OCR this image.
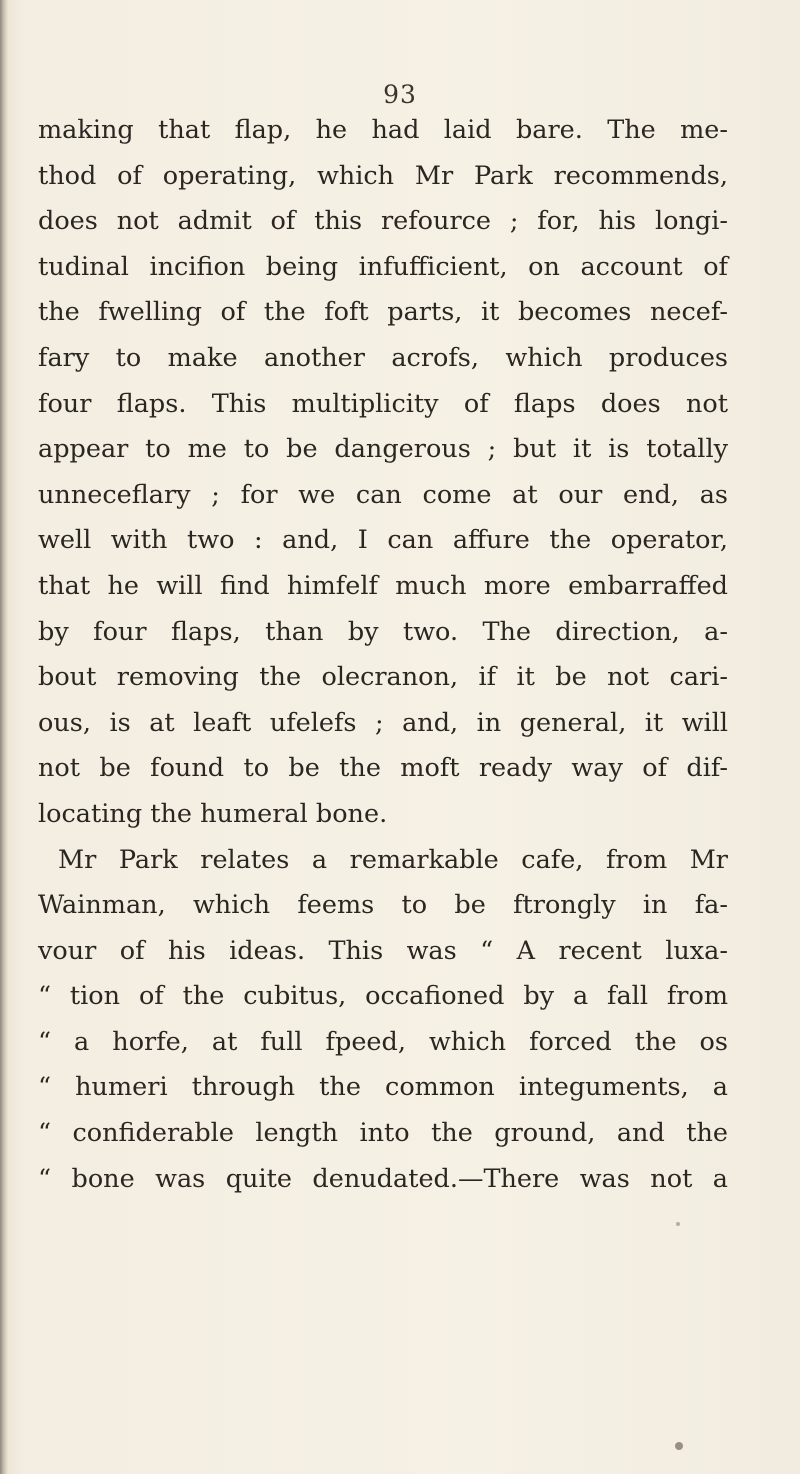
93
making that flap, he had laid bare. The me-
thod of operating, which Mr Park recommends,
does not admit of this refource ; for, his longi-
tudinal incifion being infufficient, on account of
the fwelling of the foft parts, it becomes necef-
fary to make another acrofs, which produces
four flaps. This multiplicity of flaps does not
appear to me to be dangerous ; but it is totally
unneceflary ; for we can come at our end, as
well with two : and, I can affure the operator,
that he will find himfelf much more embarraffed
by four flaps, than by two. The direction, a-
bout removing the olecranon, if it be not cari-
ous, is at leaft ufelefs ; and, in general, it will
not be found to be the moft ready way of dif-
locating the humeral bone.
Mr Park relates a remarkable cafe, from Mr
Wainman, which feems to be ftrongly in fa-
vour of his ideas. This was “ A recent luxa-
“ tion of the cubitus, occafioned by a fall from
“ a horfe, at full fpeed, which forced the os
“ humeri through the common integuments, a
“ confiderable length into the ground, and the
“ bone was quite denudated.—There was not a
